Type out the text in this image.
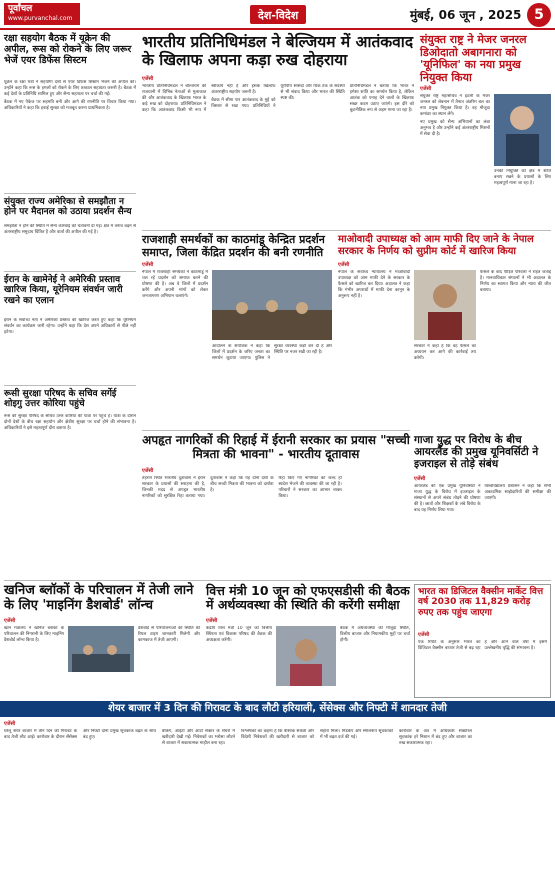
पूर्वांचल
www.purvanchal.com	देश-विदेश	मुंबई, 06 जून , 2025 5
रक्षा सहयोग बैठक में यूक्रेन की अपील, रूस को रोकने के लिए जरूर भेजें एयर डिफेंस सिस्टम

यूक्रेन के रक्षा मंत्री ने सहयोगी देशों से एयर डिफेंस सिस्टम भेजने की अपील की। उन्होंने कहा कि रूस के हमलों को रोकने के लिए तत्काल सहायता जरूरी है। बैठक में कई देशों के प्रतिनिधि शामिल हुए और सैन्य सहायता पर चर्चा की गई।

बैठक में नए पैकेज पर सहमति बनी और आगे की रणनीति पर विचार किया गया। अधिकारियों ने कहा कि हवाई सुरक्षा को मजबूत करना प्राथमिकता है।

संयुक्त राज्य अमेरिका से समझौता न होने पर मैदानल को उठाया प्रदर्शन सैन्य

समझौता न होने की स्थिति में सैन्य कार्रवाई की चेतावनी दी गई। क्षेत्र में तनाव बढ़ने से अंतरराष्ट्रीय समुदाय चिंतित है और वार्ता की अपील की गई है।

ईरान के खामेनेई ने अमेरिकी प्रस्ताव खारिज किया, यूरेनियम संवर्धन जारी रखने का एलान

ईरान के सर्वोच्च नेता ने अमेरिकी प्रस्ताव को खारिज करते हुए कहा कि यूरेनियम संवर्धन का कार्यक्रम जारी रहेगा। उन्होंने कहा कि देश अपने अधिकारों से पीछे नहीं हटेगा।

रूसी सुरक्षा परिषद के सचिव सर्गेई शोइगु उत्तर कोरिया पहुंचे

रूस की सुरक्षा परिषद के सचिव उत्तर कोरिया की यात्रा पर पहुंचे हैं। यात्रा के दौरान दोनों देशों के बीच रक्षा सहयोग और क्षेत्रीय सुरक्षा पर चर्चा होने की संभावना है। अधिकारियों ने इसे महत्वपूर्ण दौरा बताया है।

भारतीय प्रतिनिधिमंडल ने बेल्जियम में आतंकवाद के खिलाफ अपना कड़ा रुख दोहराया
एजेंसी

भारतीय प्रतिनिधिमंडल ने बेल्जियम की राजधानी में विभिन्न नेताओं से मुलाकात की और आतंकवाद के खिलाफ भारत के कड़े रुख को दोहराया। प्रतिनिधिमंडल ने कहा कि आतंकवाद किसी भी रूप में स्वीकार्य नहीं है और इसके खिलाफ अंतरराष्ट्रीय सहयोग जरूरी है।

बैठक में सीमा पार आतंकवाद के मुद्दे को विस्तार से रखा गया। प्रतिनिधियों ने यूरोपीय सांसदों और थिंक टैंक के सदस्यों से भी संवाद किया और भारत की स्थिति स्पष्ट की।

प्रतिनिधिमंडल ने बताया कि भारत ने हमेशा शांति का समर्थन किया है, लेकिन आतंक को पनाह देने वालों के खिलाफ सख्त कदम उठाए जाएंगे। इस दौरे को कूटनीतिक रूप से अहम माना जा रहा है।

संयुक्त राष्ट्र ने मेजर जनरल डिओदातो अबागनारा को 'यूनिफिल' का नया प्रमुख नियुक्त किया
एजेंसी

संयुक्त राष्ट्र महासचिव ने इटली के मेजर जनरल को लेबनान में तैनात अंतरिम बल का नया प्रमुख नियुक्त किया है। वह मौजूदा कमांडर का स्थान लेंगे।

नए प्रमुख को सैन्य अभियानों का लंबा अनुभव है और उन्होंने कई अंतरराष्ट्रीय मिशनों में सेवा दी है।

उनकी नियुक्ति को क्षेत्र में शांति बनाए रखने के प्रयासों के लिए महत्वपूर्ण माना जा रहा है।

राजशाही समर्थकों का काठमांडू केन्द्रित प्रदर्शन समाप्त, जिला केंद्रित प्रदर्शन की बनी रणनीति
एजेंसी

नेपाल में राजशाही समर्थकों ने काठमांडू में चल रहे प्रदर्शन को समाप्त करने की घोषणा की है। अब वे जिलों में प्रदर्शन करेंगे और अपनी मांगों को लेकर जनजागरण अभियान चलाएंगे।

आंदोलन के संयोजक ने कहा कि जिलों में प्रदर्शन के जरिए जनता का समर्थन जुटाया जाएगा। पुलिस ने सुरक्षा व्यवस्था कड़ी कर दी है और स्थिति पर नजर रखी जा रही है।

माओवादी उपाध्यक्ष को आम माफी दिए जाने के नेपाल सरकार के निर्णय को सुप्रीम कोर्ट में खारिज किया
एजेंसी

नेपाल के सर्वोच्च न्यायालय ने माओवादी उपाध्यक्ष को आम माफी देने के सरकार के फैसले को खारिज कर दिया। अदालत ने कहा कि गंभीर अपराधों में माफी देना कानून के अनुरूप नहीं है।

फैसले के बाद पीड़ित परिवारों ने राहत जताई है। मानवाधिकार संगठनों ने भी अदालत के निर्णय का स्वागत किया और न्याय की जीत बताया।

सरकार ने कहा है कि वह फैसले का अध्ययन कर आगे की कार्रवाई तय करेगी।

अपहृत नागरिकों की रिहाई में ईरानी सरकार का प्रयास "सच्ची मित्रता की भावना" - भारतीय दूतावास
एजेंसी

तेहरान स्थित भारतीय दूतावास ने ईरान सरकार के प्रयासों की सराहना की है, जिनकी मदद से अपहृत भारतीय नागरिकों को सुरक्षित रिहा कराया गया। दूतावास ने कहा कि यह दोनों देशों के बीच सच्ची मित्रता की भावना को दर्शाता है।

रिहा किए गए नागरिकों को जल्द ही स्वदेश भेजने की व्यवस्था की जा रही है। परिवारों ने सरकार का आभार व्यक्त किया।

गाजा युद्ध पर विरोध के बीच आयरलैंड की प्रमुख यूनिवर्सिटी ने इजराइल से तोड़े संबंध
एजेंसी

आयरलैंड की एक प्रमुख यूनिवर्सिटी ने गाजा युद्ध के विरोध में इजराइल के संस्थानों से अपने संबंध तोड़ने की घोषणा की है। छात्रों और शिक्षकों के लंबे विरोध के बाद यह निर्णय लिया गया।

विश्वविद्यालय प्रशासन ने कहा कि सभी अकादमिक साझेदारियों की समीक्षा की जाएगी।

खनिज ब्लॉकों के परिचालन में तेजी लाने के लिए 'माइनिंग डैशबोर्ड' लॉन्च
एजेंसी

खान मंत्रालय ने खनिज ब्लॉकों के परिचालन की निगरानी के लिए माइनिंग डैशबोर्ड लॉन्च किया है।

डैशबोर्ड से परियोजनाओं की स्थिति की रियल टाइम जानकारी मिलेगी और कामकाज में तेजी आएगी।

वित्त मंत्री 10 जून को एफएसडीसी की बैठक में अर्थव्यवस्था की स्थिति की करेंगी समीक्षा
एजेंसी

केंद्रीय वित्त मंत्री 10 जून को वित्तीय स्थिरता एवं विकास परिषद की बैठक की अध्यक्षता करेंगी।

बैठक में अर्थव्यवस्था की मौजूदा स्थिति, वित्तीय बाजार और नियामकीय मुद्दों पर चर्चा होगी।

भारत का डिजिटल वैक्सीन मार्केट वित्त वर्ष 2030 तक 11,829 करोड़ रुपए तक पहुंच जाएगा
एजेंसी

एक रिपोर्ट के अनुसार भारत का डिजिटल वैक्सीन बाजार तेजी से बढ़ रहा है और आने वाले वर्षों में इसमें उल्लेखनीय वृद्धि की संभावना है।

शेयर बाजार में 3 दिन की गिरावट के बाद लौटी हरियाली, सेंसेक्स और निफ्टी में शानदार तेजी
एजेंसी

घरेलू शेयर बाजार में तीन दिन की गिरावट के बाद तेजी लौट आई। कारोबार के दौरान सेंसेक्स और निफ्टी दोनों प्रमुख सूचकांक बढ़त के साथ बंद हुए।

बैंकिंग, आईटी और ऑटो सेक्टर के शेयरों में खरीदारी देखी गई। निवेशकों का भरोसा लौटने से बाजार में सकारात्मक माहौल बना रहा।

विश्लेषकों का कहना है कि वैश्विक संकेतों और विदेशी निवेशकों की खरीदारी से बाजार को सहारा मिला। मिडकैप और स्मॉलकैप सूचकांकों में भी बढ़त दर्ज की गई।

कारोबार के अंत में अधिकांश सेक्टोरल सूचकांक हरे निशान में बंद हुए और बाजार का रुख सकारात्मक रहा।
